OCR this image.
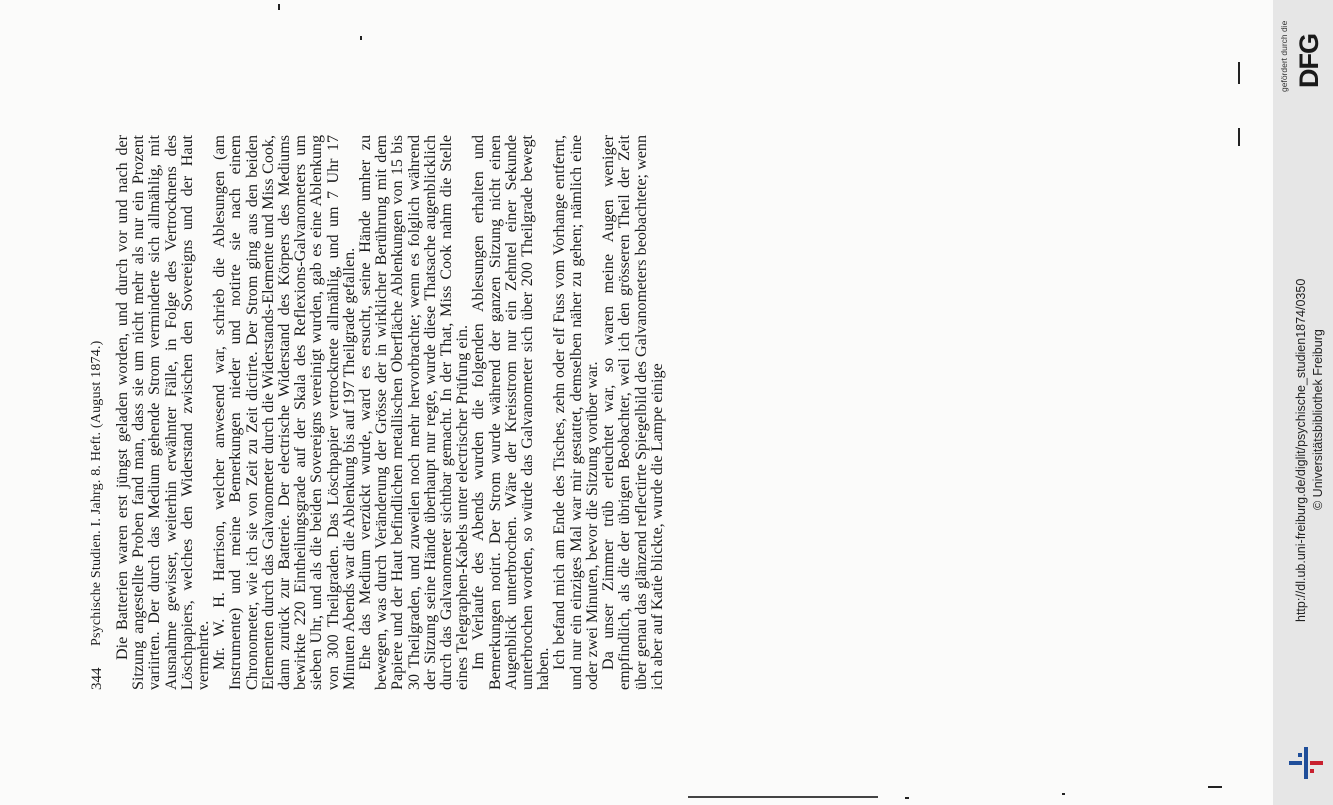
344
Psychische Studien. I. Jahrg. 8. Heft. (August 1874.) Die Batterien waren erst jüngst geladen worden, und durch vor und nach der Sitzung angestellte Proben fand man, dass sie um nicht mehr als nur ein Prozent variirten. Der durch das Medium gehende Strom verminderte sich allmählig, mit Ausnahme gewisser, weiterhin erwähnter Fälle, in Folge des Vertrocknens des Löschpapiers, welches den Widerstand zwischen den Sovereigns und der Haut vermehrte. Mr. W. H. Harrison, welcher anwesend war, schrieb die Ablesungen (am Instrumente) und meine Bemerkungen nieder und notirte sie nach einem Chronometer, wie ich sie von Zeit zu Zeit dictirte. Der Strom ging aus den beiden Elementen durch das Galvanometer durch die Widerstands-Elemente und Miss Cook, dann zurück zur Batterie. Der electrische Widerstand des Körpers des Mediums bewirkte 220 Eintheilungsgrade auf der Skala des Reflexions-Galvanometers um sieben Uhr, und als die beiden Sovereigns vereinigt wurden, gab es eine Ablenkung von 300 Theilgraden. Das Löschpapier vertrocknete allmählig, und um 7 Uhr 17 Minuten Abends war die Ablenkung bis auf 197 Theilgrade gefallen. Ehe das Medium verzückt wurde, ward es ersucht, seine Hände umher zu bewegen, was durch Veränderung der Grösse der in wirklicher Berührung mit dem Papiere und der Haut befindlichen metallischen Oberfläche Ablenkungen von 15 bis 30 Theilgraden, und zuweilen noch mehr hervorbrachte; wenn es folglich während der Sitzung seine Hände überhaupt nur regte, wurde diese Thatsache augenblicklich durch das Galvanometer sichtbar gemacht. In der That, Miss Cook nahm die Stelle eines Telegraphen-Kabels unter electrischer Prüfung ein. Im Verlaufe des Abends wurden die folgenden Ablesungen erhalten und Bemerkungen notirt. Der Strom wurde während der ganzen Sitzung nicht einen Augenblick unterbrochen. Wäre der Kreisstrom nur ein Zehntel einer Sekunde unterbrochen worden, so würde das Galvanometer sich über 200 Theilgrade bewegt haben. Ich befand mich am Ende des Tisches, zehn oder elf Fuss vom Vorhange entfernt, und nur ein einziges Mal war mir gestattet, demselben näher zu gehen; nämlich eine oder zwei Minuten, bevor die Sitzung vorüber war. Da unser Zimmer trüb erleuchtet war, so waren meine Augen weniger empfindlich, als die der übrigen Beobachter, weil ich den grösseren Theil der Zeit über genau das glänzend reflectirte Spiegelbild des Galvanometers beobachtete; wenn ich aber auf Katie blickte, wurde die Lampe einige

gefördert durch die DFG
http://dl.ub.uni-freiburg.de/diglit/psychische_studien1874/0350 © Universitätsbibliothek Freiburg
